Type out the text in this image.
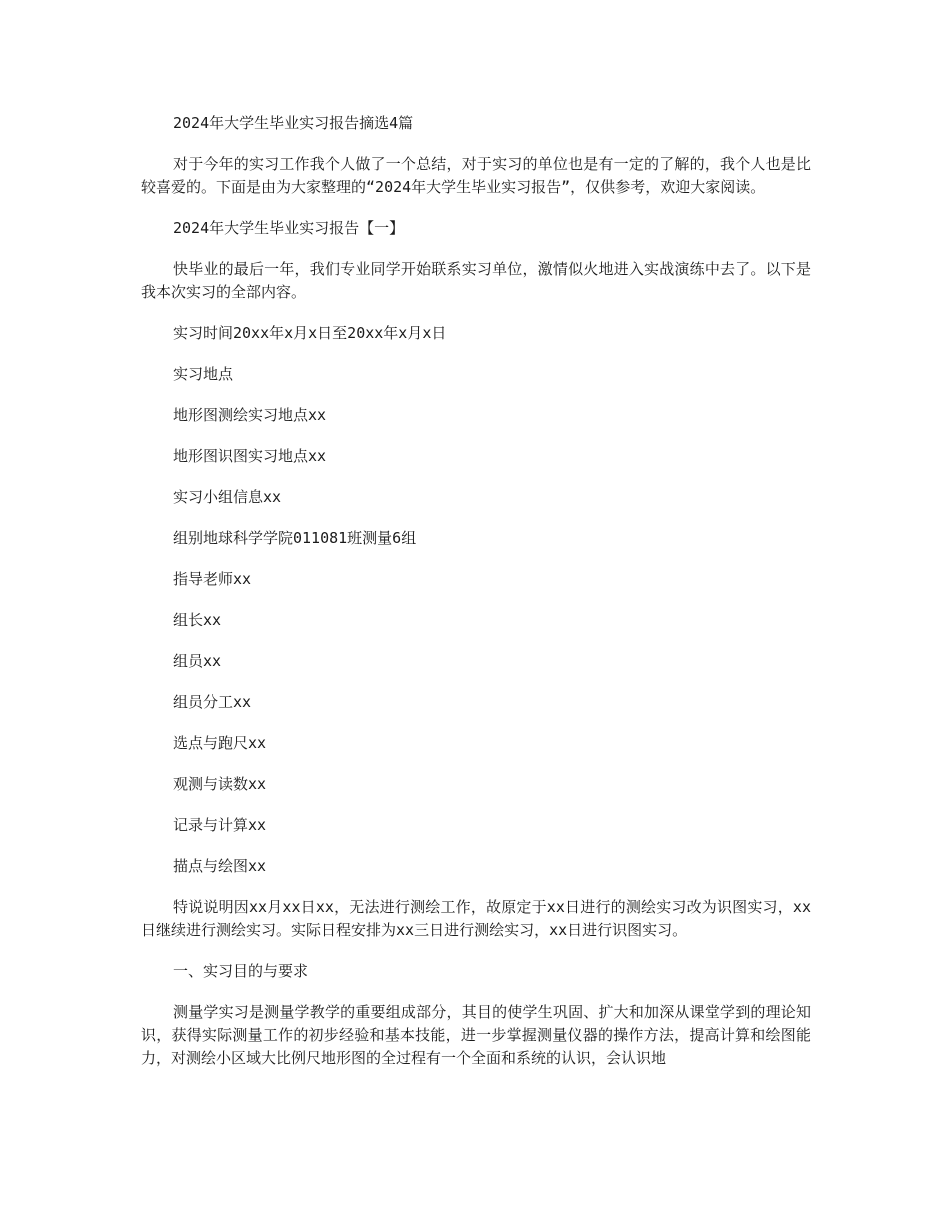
2024年大学生毕业实习报告摘选4篇

对于今年的实习工作我个人做了一个总结，对于实习的单位也是有一定的了解的，我个人也是比较喜爱的。下面是由为大家整理的“2024年大学生毕业实习报告”，仅供参考，欢迎大家阅读。

2024年大学生毕业实习报告【一】

快毕业的最后一年，我们专业同学开始联系实习单位，激情似火地进入实战演练中去了。以下是我本次实习的全部内容。

实习时间20xx年x月x日至20xx年x月x日

实习地点

地形图测绘实习地点xx

地形图识图实习地点xx

实习小组信息xx

组别地球科学学院011081班测量6组

指导老师xx

组长xx

组员xx

组员分工xx

选点与跑尺xx

观测与读数xx

记录与计算xx

描点与绘图xx

特说说明因xx月xx日xx，无法进行测绘工作，故原定于xx日进行的测绘实习改为识图实习，xx日继续进行测绘实习。实际日程安排为xx三日进行测绘实习，xx日进行识图实习。

一、实习目的与要求

测量学实习是测量学教学的重要组成部分，其目的使学生巩固、扩大和加深从课堂学到的理论知识，获得实际测量工作的初步经验和基本技能，进一步掌握测量仪器的操作方法，提高计算和绘图能力，对测绘小区域大比例尺地形图的全过程有一个全面和系统的认识，会认识地
